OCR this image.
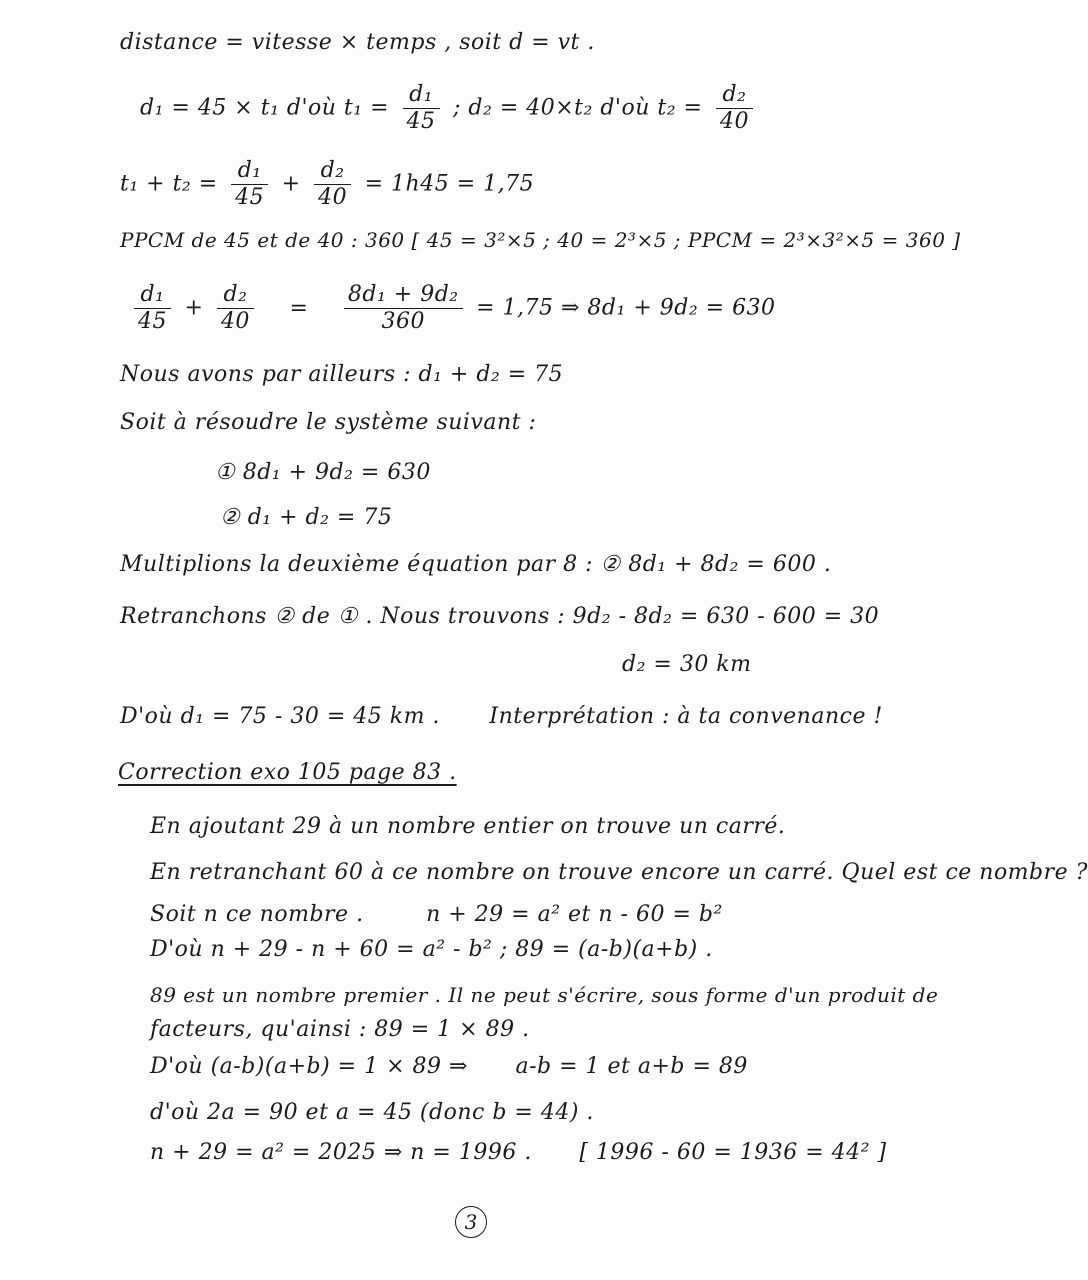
distance = vitesse × temps , soit d = vt .
d₁ = 45 × t₁ d'où $t_1 = \frac{\text{d₁}}{45}$ ; d₂ = 40×t₂ d'où $t_2 = \frac{\text{d₂}}{40}$
$t_1 + t_2 = \frac{\text{d₁}}{45} + \frac{\text{d₂}}{40} = 1h45 = 1,75$
PPCM de 45 et de 40 : 360 [ 45 = 3²×5 ; 40 = 2³×5 ; PPCM = 2³×3²×5 = 360 ]
$\frac{\text{d₁}}{45} + \frac{\text{d₂}}{40} = \frac{\text{8d₁ + 9d₂}}{360} = 1,75$ ⇒ 8d₁ + 9d₂ = 630
Nous avons par ailleurs : d₁ + d₂ = 75
Soit à résoudre le système suivant :
① 8d₁ + 9d₂ = 630
② d₁ + d₂ = 75
Multiplions la deuxième équation par 8 : ② 8d₁ + 8d₂ = 600 .
Retranchons ② de ① . Nous trouvons : 9d₂ - 8d₂ = 630 - 600 = 30
d₂ = 30 km
D'où d₁ = 75 - 30 = 45 km . Interprétation : à ta convenance !
Correction exo 105 page 83 .
En ajoutant 29 à un nombre entier on trouve un carré.
En retranchant 60 à ce nombre on trouve encore un carré. Quel est ce nombre ?
Soit n ce nombre .	n + 29 = a² et n - 60 = b²
D'où n + 29 - n + 60 = a² - b² ; 89 = (a-b)(a+b) .
89 est un nombre premier . Il ne peut s'écrire, sous forme d'un produit de
facteurs, qu'ainsi : 89 = 1 × 89 .
D'où (a-b)(a+b) = 1 × 89 ⇒ a-b = 1 et a+b = 89
d'où 2a = 90 et a = 45 (donc b = 44) .
n + 29 = a² = 2025 ⇒ n = 1996 . [ 1996 - 60 = 1936 = 44² ]
3
